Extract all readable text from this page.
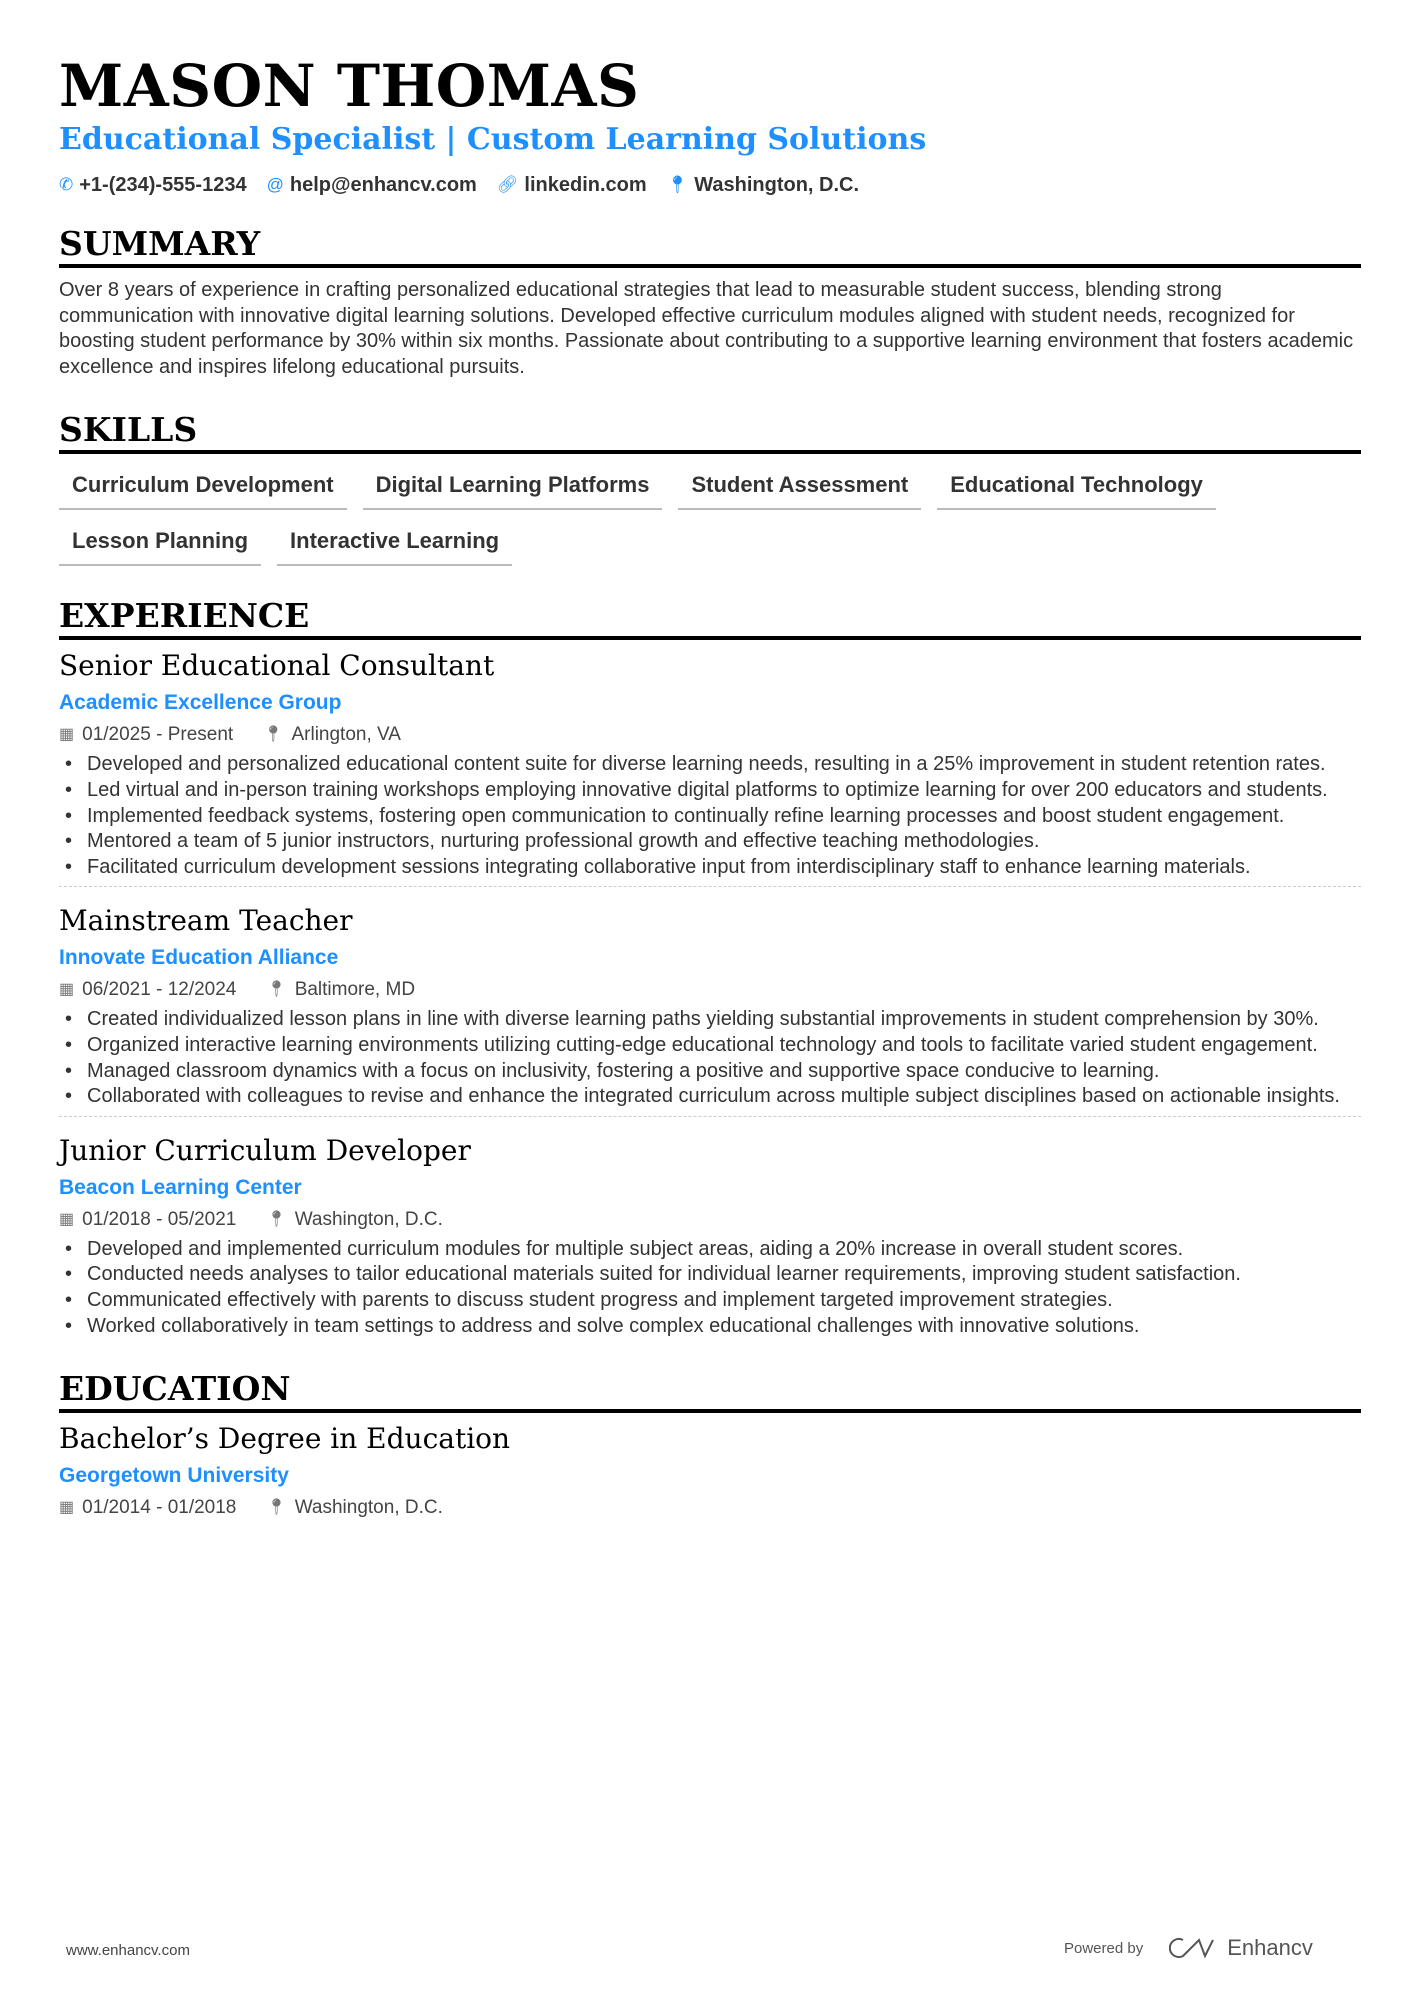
MASON THOMAS
Educational Specialist | Custom Learning Solutions
✆ +1-(234)-555-1234 @ help@enhancv.com 🔗︎ linkedin.com 📍︎ Washington, D.C.
SUMMARY

Over 8 years of experience in crafting personalized educational strategies that lead to measurable student success, blending strong communication with innovative digital learning solutions. Developed effective curriculum modules aligned with student needs, recognized for boosting student performance by 30% within six months. Passionate about contributing to a supportive learning environment that fosters academic excellence and inspires lifelong educational pursuits.

SKILLS
Curriculum Development	Digital Learning Platforms	Student Assessment	Educational Technology
Lesson Planning	Interactive Learning
EXPERIENCE
Senior Educational Consultant
Academic Excellence Group
▦ 01/2025 - Present 📍︎ Arlington, VA
• Developed and personalized educational content suite for diverse learning needs, resulting in a 25% improvement in student retention rates.
• Led virtual and in-person training workshops employing innovative digital platforms to optimize learning for over 200 educators and students.
• Implemented feedback systems, fostering open communication to continually refine learning processes and boost student engagement.
• Mentored a team of 5 junior instructors, nurturing professional growth and effective teaching methodologies.
• Facilitated curriculum development sessions integrating collaborative input from interdisciplinary staff to enhance learning materials.
Mainstream Teacher
Innovate Education Alliance
▦ 06/2021 - 12/2024 📍︎ Baltimore, MD
• Created individualized lesson plans in line with diverse learning paths yielding substantial improvements in student comprehension by 30%.
• Organized interactive learning environments utilizing cutting-edge educational technology and tools to facilitate varied student engagement.
• Managed classroom dynamics with a focus on inclusivity, fostering a positive and supportive space conducive to learning.
• Collaborated with colleagues to revise and enhance the integrated curriculum across multiple subject disciplines based on actionable insights.
Junior Curriculum Developer
Beacon Learning Center
▦ 01/2018 - 05/2021 📍︎ Washington, D.C.
• Developed and implemented curriculum modules for multiple subject areas, aiding a 20% increase in overall student scores.
• Conducted needs analyses to tailor educational materials suited for individual learner requirements, improving student satisfaction.
• Communicated effectively with parents to discuss student progress and implement targeted improvement strategies.
• Worked collaboratively in team settings to address and solve complex educational challenges with innovative solutions.
EDUCATION
Bachelor’s Degree in Education
Georgetown University
▦ 01/2014 - 01/2018 📍︎ Washington, D.C.
www.enhancv.com	Powered by	Enhancv
